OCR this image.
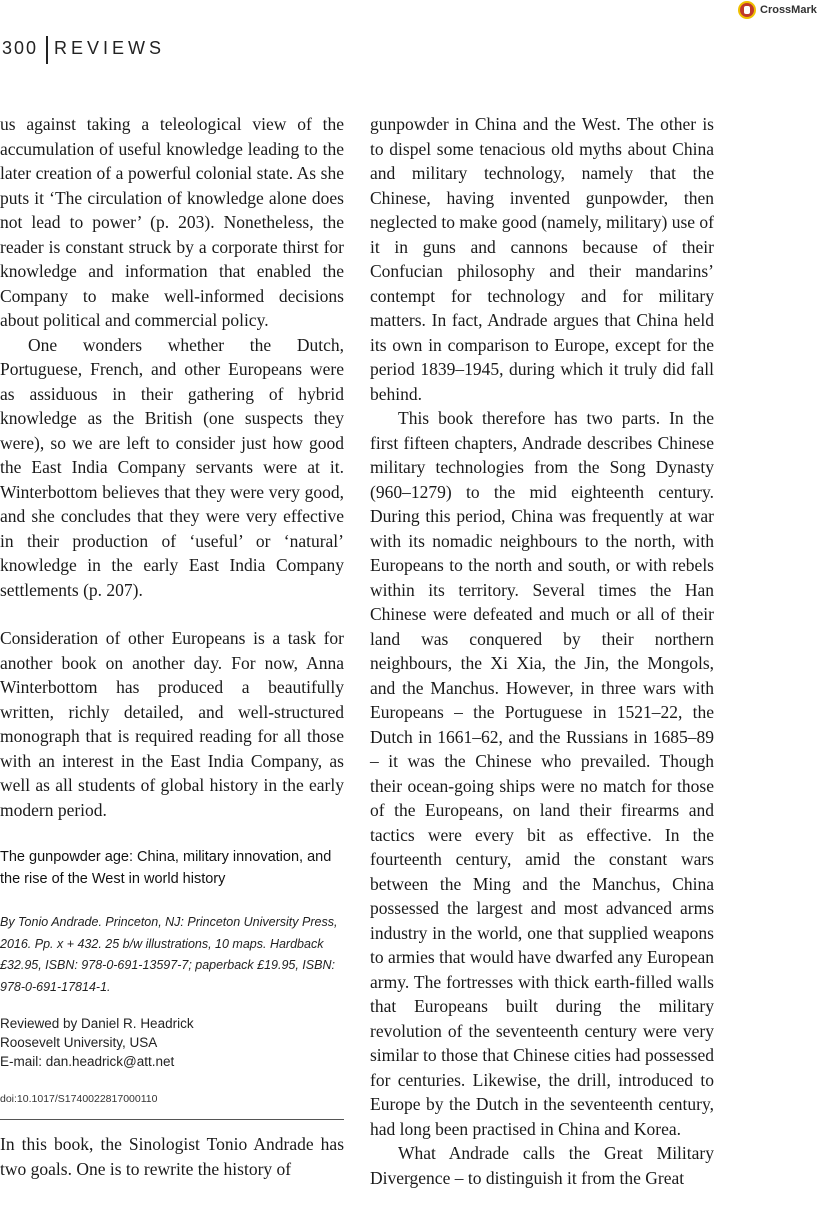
300 REVIEWS
CrossMark

us against taking a teleological view of the accumulation of useful knowledge leading to the later creation of a powerful colonial state. As she puts it ‘The circulation of knowledge alone does not lead to power’ (p. 203). Nonetheless, the reader is constant struck by a corporate thirst for knowledge and information that enabled the Company to make well-informed decisions about political and commercial policy.

One wonders whether the Dutch, Portuguese, French, and other Europeans were as assiduous in their gathering of hybrid knowledge as the British (one suspects they were), so we are left to consider just how good the East India Company servants were at it. Winterbottom believes that they were very good, and she concludes that they were very effective in their production of ‘useful’ or ‘natural’ knowledge in the early East India Company settlements (p. 207).

Consideration of other Europeans is a task for another book on another day. For now, Anna Winterbottom has produced a beautifully written, richly detailed, and well-structured monograph that is required reading for all those with an interest in the East India Company, as well as all students of global history in the early modern period.

The gunpowder age: China, military innovation, and the rise of the West in world history
By Tonio Andrade. Princeton, NJ: Princeton University Press, 2016. Pp. x + 432. 25 b/w illustrations, 10 maps. Hardback £32.95, ISBN: 978-0-691-13597-7; paperback £19.95, ISBN: 978-0-691-17814-1.
Reviewed by Daniel R. Headrick
Roosevelt University, USA
E-mail: dan.headrick@att.net
doi:10.1017/S1740022817000110

In this book, the Sinologist Tonio Andrade has two goals. One is to rewrite the history of

gunpowder in China and the West. The other is to dispel some tenacious old myths about China and military technology, namely that the Chinese, having invented gunpowder, then neglected to make good (namely, military) use of it in guns and cannons because of their Confucian philosophy and their mandarins’ contempt for technology and for military matters. In fact, Andrade argues that China held its own in comparison to Europe, except for the period 1839–1945, during which it truly did fall behind.

This book therefore has two parts. In the first fifteen chapters, Andrade describes Chinese military technologies from the Song Dynasty (960–1279) to the mid eighteenth century. During this period, China was frequently at war with its nomadic neighbours to the north, with Europeans to the north and south, or with rebels within its territory. Several times the Han Chinese were defeated and much or all of their land was conquered by their northern neighbours, the Xi Xia, the Jin, the Mongols, and the Manchus. However, in three wars with Europeans – the Portuguese in 1521–22, the Dutch in 1661–62, and the Russians in 1685–89 – it was the Chinese who prevailed. Though their ocean-going ships were no match for those of the Europeans, on land their firearms and tactics were every bit as effective. In the fourteenth century, amid the constant wars between the Ming and the Manchus, China possessed the largest and most advanced arms industry in the world, one that supplied weapons to armies that would have dwarfed any European army. The fortresses with thick earth-filled walls that Europeans built during the military revolution of the seventeenth century were very similar to those that Chinese cities had possessed for centuries. Likewise, the drill, introduced to Europe by the Dutch in the seventeenth century, had long been practised in China and Korea.

What Andrade calls the Great Military Divergence – to distinguish it from the Great
